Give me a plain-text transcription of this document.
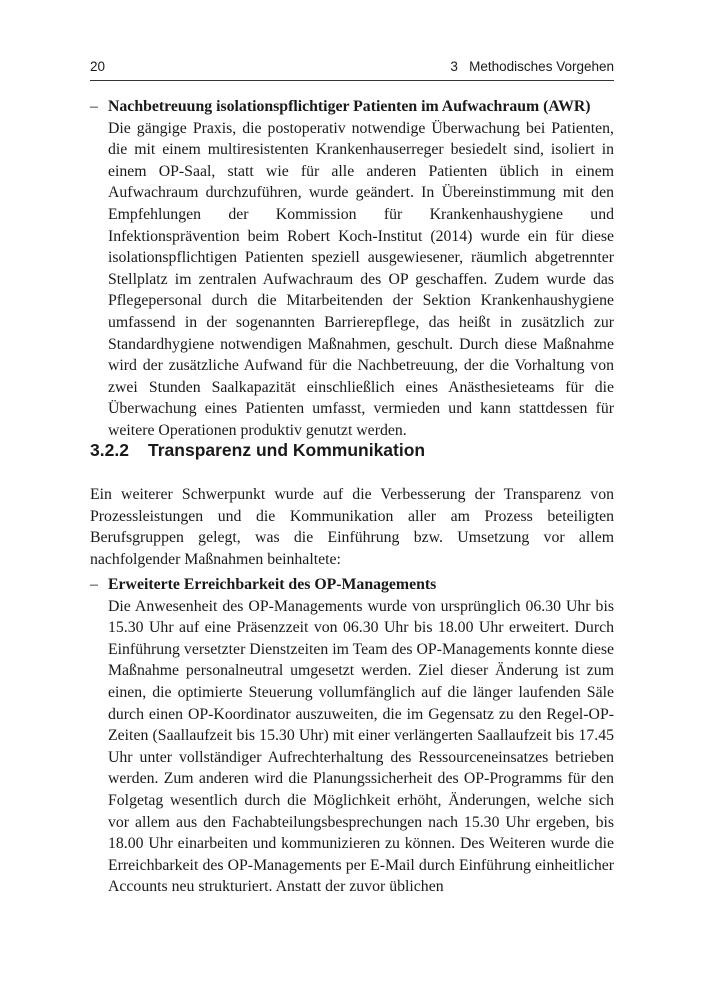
20	3   Methodisches Vorgehen
– Nachbetreuung isolationspflichtiger Patienten im Aufwachraum (AWR)
Die gängige Praxis, die postoperativ notwendige Überwachung bei Patienten, die mit einem multiresistenten Krankenhauserreger besiedelt sind, isoliert in einem OP-Saal, statt wie für alle anderen Patienten üblich in einem Aufwachraum durchzuführen, wurde geändert. In Übereinstimmung mit den Empfehlungen der Kommission für Krankenhaushygiene und Infektionsprävention beim Robert Koch-Institut (2014) wurde ein für diese isolationspflichtigen Patienten speziell ausgewiesener, räumlich abgetrennter Stellplatz im zentralen Aufwachraum des OP geschaffen. Zudem wurde das Pflegepersonal durch die Mitarbeitenden der Sektion Krankenhaushygiene umfassend in der sogenannten Barrierepflege, das heißt in zusätzlich zur Standardhygiene notwendigen Maßnahmen, geschult. Durch diese Maßnahme wird der zusätzliche Aufwand für die Nachbetreuung, der die Vorhaltung von zwei Stunden Saalkapazität einschließlich eines Anästhesieteams für die Überwachung eines Patienten umfasst, vermieden und kann stattdessen für weitere Operationen produktiv genutzt werden.
3.2.2 Transparenz und Kommunikation
Ein weiterer Schwerpunkt wurde auf die Verbesserung der Transparenz von Prozessleistungen und die Kommunikation aller am Prozess beteiligten Berufsgruppen gelegt, was die Einführung bzw. Umsetzung vor allem nachfolgender Maßnahmen beinhaltete:
– Erweiterte Erreichbarkeit des OP-Managements
Die Anwesenheit des OP-Managements wurde von ursprünglich 06.30 Uhr bis 15.30 Uhr auf eine Präsenzzeit von 06.30 Uhr bis 18.00 Uhr erweitert. Durch Einführung versetzter Dienstzeiten im Team des OP-Managements konnte diese Maßnahme personalneutral umgesetzt werden. Ziel dieser Änderung ist zum einen, die optimierte Steuerung vollumfänglich auf die länger laufenden Säle durch einen OP-Koordinator auszuweiten, die im Gegensatz zu den Regel-OP-Zeiten (Saallaufzeit bis 15.30 Uhr) mit einer verlängerten Saallaufzeit bis 17.45 Uhr unter vollständiger Aufrechterhaltung des Ressourceneinsatzes betrieben werden. Zum anderen wird die Planungssicherheit des OP-Programms für den Folgetag wesentlich durch die Möglichkeit erhöht, Änderungen, welche sich vor allem aus den Fachabteilungsbesprechungen nach 15.30 Uhr ergeben, bis 18.00 Uhr einarbeiten und kommunizieren zu können. Des Weiteren wurde die Erreichbarkeit des OP-Managements per E-Mail durch Einführung einheitlicher Accounts neu strukturiert. Anstatt der zuvor üblichen
